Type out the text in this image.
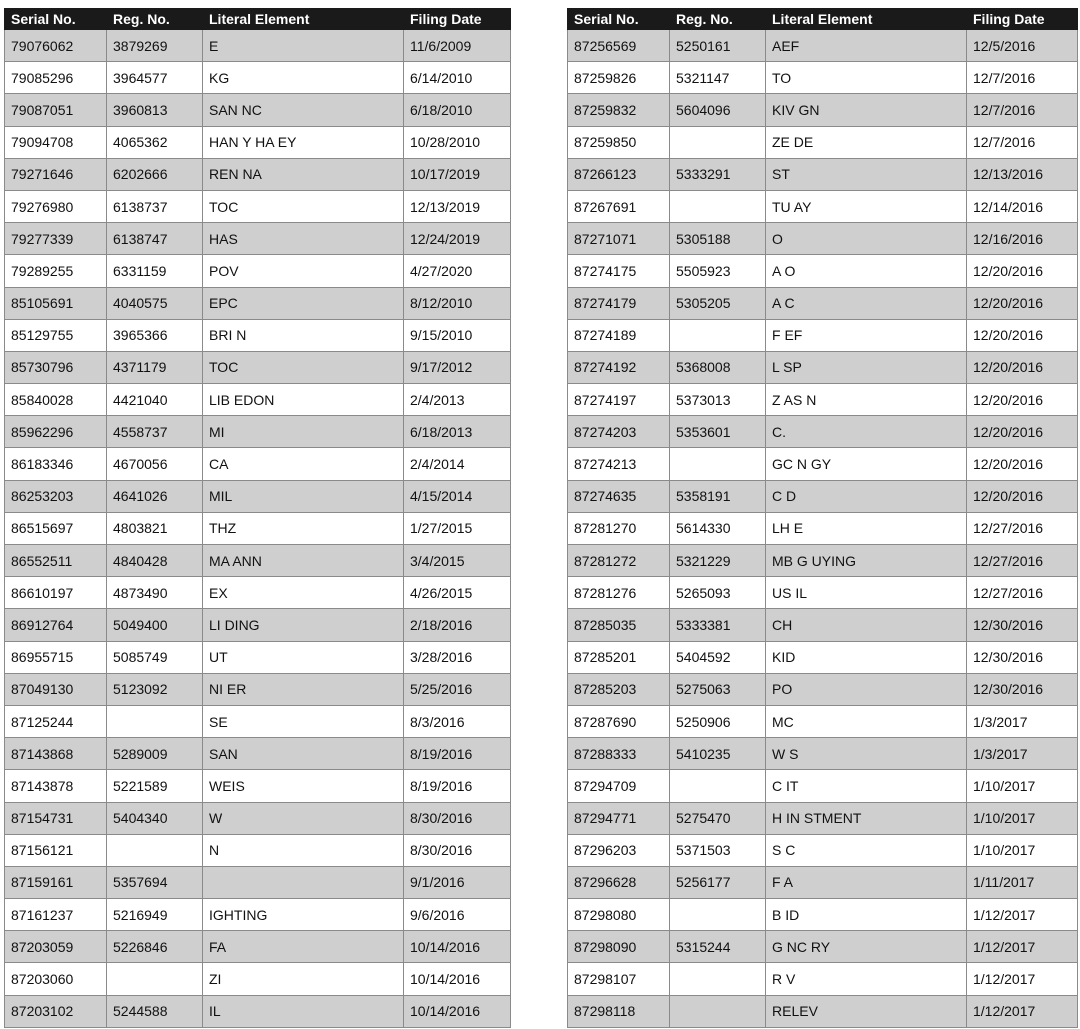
Serial No.	Reg. No.	Literal Element	Filing Date
79076062	3879269	E	11/6/2009
79085296	3964577	KG	6/14/2010
79087051	3960813	SAN NC	6/18/2010
79094708	4065362	HAN Y HA EY	10/28/2010
79271646	6202666	REN NA	10/17/2019
79276980	6138737	TOC	12/13/2019
79277339	6138747	HAS	12/24/2019
79289255	6331159	POV	4/27/2020
85105691	4040575	EPC	8/12/2010
85129755	3965366	BRI N	9/15/2010
85730796	4371179	TOC	9/17/2012
85840028	4421040	LIB EDON	2/4/2013
85962296	4558737	MI	6/18/2013
86183346	4670056	CA	2/4/2014
86253203	4641026	MIL	4/15/2014
86515697	4803821	THZ	1/27/2015
86552511	4840428	MA ANN	3/4/2015
86610197	4873490	EX	4/26/2015
86912764	5049400	LI DING	2/18/2016
86955715	5085749	UT	3/28/2016
87049130	5123092	NI ER	5/25/2016
87125244		SE	8/3/2016
87143868	5289009	SAN	8/19/2016
87143878	5221589	WEIS	8/19/2016
87154731	5404340	W	8/30/2016
87156121		N	8/30/2016
87159161	5357694		9/1/2016
87161237	5216949	IGHTING	9/6/2016
87203059	5226846	FA	10/14/2016
87203060		ZI	10/14/2016
87203102	5244588	IL	10/14/2016
Serial No.	Reg. No.	Literal Element	Filing Date
87256569	5250161	AEF	12/5/2016
87259826	5321147	TO	12/7/2016
87259832	5604096	KIV GN	12/7/2016
87259850		ZE DE	12/7/2016
87266123	5333291	ST	12/13/2016
87267691		TU AY	12/14/2016
87271071	5305188	O	12/16/2016
87274175	5505923	A O	12/20/2016
87274179	5305205	A C	12/20/2016
87274189		F EF	12/20/2016
87274192	5368008	L SP	12/20/2016
87274197	5373013	Z AS N	12/20/2016
87274203	5353601	C.	12/20/2016
87274213		GC N GY	12/20/2016
87274635	5358191	C D	12/20/2016
87281270	5614330	LH E	12/27/2016
87281272	5321229	MB G UYING	12/27/2016
87281276	5265093	US IL	12/27/2016
87285035	5333381	CH	12/30/2016
87285201	5404592	KID	12/30/2016
87285203	5275063	PO	12/30/2016
87287690	5250906	MC	1/3/2017
87288333	5410235	W S	1/3/2017
87294709		C IT	1/10/2017
87294771	5275470	H IN STMENT	1/10/2017
87296203	5371503	S C	1/10/2017
87296628	5256177	F A	1/11/2017
87298080		B ID	1/12/2017
87298090	5315244	G NC RY	1/12/2017
87298107		R V	1/12/2017
87298118		RELEV	1/12/2017
